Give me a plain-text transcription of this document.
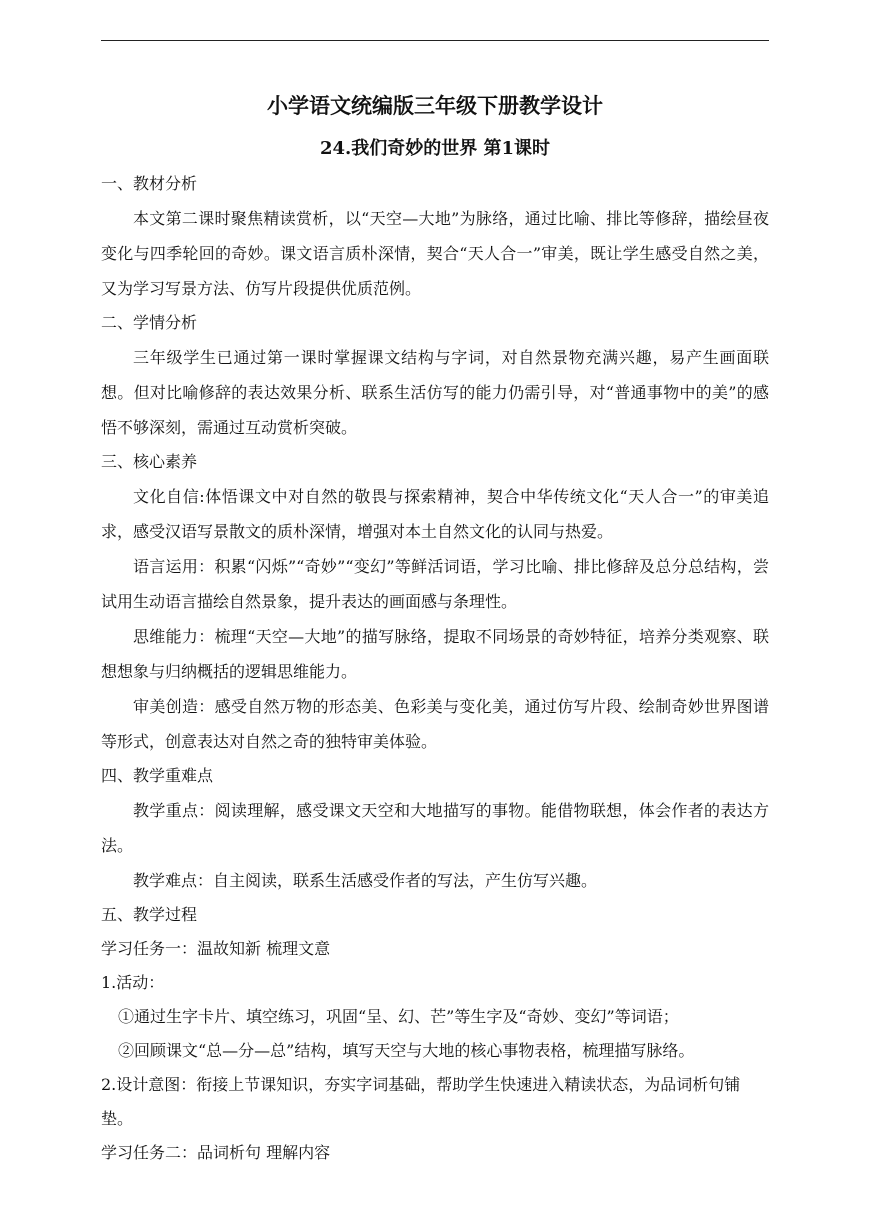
小学语文统编版三年级下册教学设计
24.我们奇妙的世界 第1课时

一、教材分析

本文第二课时聚焦精读赏析，以“天空—大地”为脉络，通过比喻、排比等修辞，描绘昼夜变化与四季轮回的奇妙。课文语言质朴深情，契合“天人合一”审美，既让学生感受自然之美，又为学习写景方法、仿写片段提供优质范例。

二、学情分析

三年级学生已通过第一课时掌握课文结构与字词，对自然景物充满兴趣，易产生画面联想。但对比喻修辞的表达效果分析、联系生活仿写的能力仍需引导，对“普通事物中的美”的感悟不够深刻，需通过互动赏析突破。

三、核心素养

文化自信:体悟课文中对自然的敬畏与探索精神，契合中华传统文化“天人合一”的审美追求，感受汉语写景散文的质朴深情，增强对本土自然文化的认同与热爱。

语言运用：积累“闪烁”“奇妙”“变幻”等鲜活词语，学习比喻、排比修辞及总分总结构，尝试用生动语言描绘自然景象，提升表达的画面感与条理性。

思维能力：梳理“天空—大地”的描写脉络，提取不同场景的奇妙特征，培养分类观察、联想想象与归纳概括的逻辑思维能力。

审美创造：感受自然万物的形态美、色彩美与变化美，通过仿写片段、绘制奇妙世界图谱等形式，创意表达对自然之奇的独特审美体验。

四、教学重难点

教学重点：阅读理解，感受课文天空和大地描写的事物。能借物联想，体会作者的表达方法。

教学难点：自主阅读，联系生活感受作者的写法，产生仿写兴趣。

五、教学过程

学习任务一：温故知新 梳理文意

1.活动：

①通过生字卡片、填空练习，巩固“呈、幻、芒”等生字及“奇妙、变幻”等词语；

②回顾课文“总—分—总”结构，填写天空与大地的核心事物表格，梳理描写脉络。

2.设计意图：衔接上节课知识，夯实字词基础，帮助学生快速进入精读状态，为品词析句铺垫。

学习任务二：品词析句 理解内容
